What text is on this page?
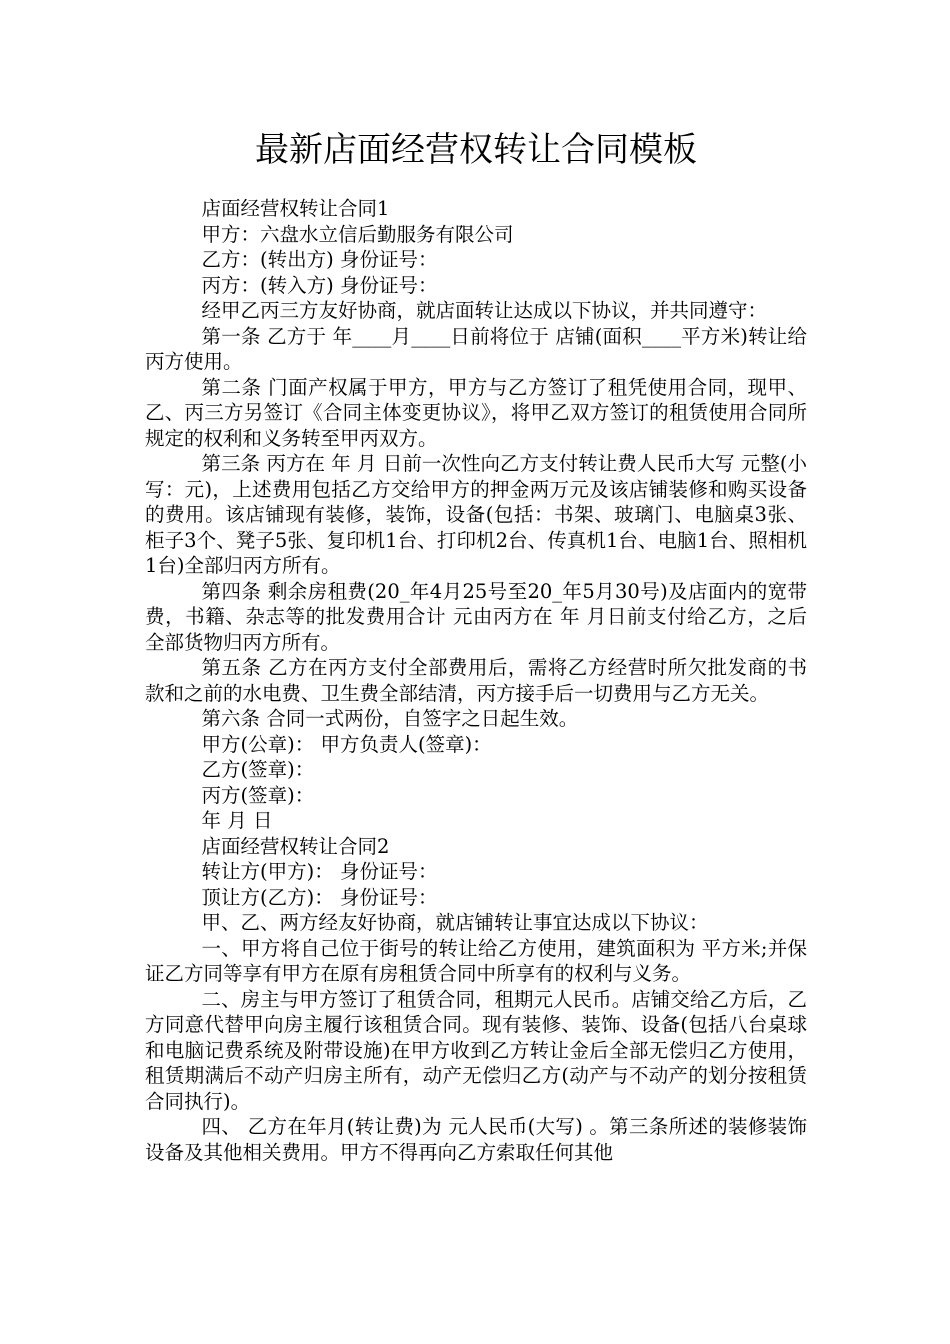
最新店面经营权转让合同模板

店面经营权转让合同1

甲方：六盘水立信后勤服务有限公司

乙方：(转出方) 身份证号：

丙方：(转入方) 身份证号：

经甲乙丙三方友好协商，就店面转让达成以下协议，并共同遵守：

第一条 乙方于 年____月____日前将位于 店铺(面积____平方米)转让给丙方使用。

第二条 门面产权属于甲方，甲方与乙方签订了租凭使用合同，现甲、乙、丙三方另签订《合同主体变更协议》，将甲乙双方签订的租赁使用合同所规定的权利和义务转至甲丙双方。

第三条 丙方在 年 月 日前一次性向乙方支付转让费人民币大写 元整(小写：元)，上述费用包括乙方交给甲方的押金两万元及该店铺装修和购买设备的费用。该店铺现有装修，装饰，设备(包括：书架、玻璃门、电脑桌3张、柜子3个、凳子5张、复印机1台、打印机2台、传真机1台、电脑1台、照相机1台)全部归丙方所有。

第四条 剩余房租费(20_年4月25号至20_年5月30号)及店面内的宽带费，书籍、杂志等的批发费用合计 元由丙方在 年 月日前支付给乙方，之后全部货物归丙方所有。

第五条 乙方在丙方支付全部费用后，需将乙方经营时所欠批发商的书款和之前的水电费、卫生费全部结清，丙方接手后一切费用与乙方无关。

第六条 合同一式两份，自签字之日起生效。

甲方(公章)： 甲方负责人(签章)：

乙方(签章)：

丙方(签章)：

年 月 日

店面经营权转让合同2

转让方(甲方)： 身份证号：

顶让方(乙方)： 身份证号：

甲、乙、两方经友好协商，就店铺转让事宜达成以下协议：

一、甲方将自己位于街号的转让给乙方使用，建筑面积为 平方米;并保证乙方同等享有甲方在原有房租赁合同中所享有的权利与义务。

二、房主与甲方签订了租赁合同，租期元人民币。店铺交给乙方后，乙方同意代替甲向房主履行该租赁合同。现有装修、装饰、设备(包括八台桌球和电脑记费系统及附带设施)在甲方收到乙方转让金后全部无偿归乙方使用，租赁期满后不动产归房主所有，动产无偿归乙方(动产与不动产的划分按租赁合同执行)。

四、 乙方在年月(转让费)为 元人民币(大写) 。第三条所述的装修装饰设备及其他相关费用。甲方不得再向乙方索取任何其他
